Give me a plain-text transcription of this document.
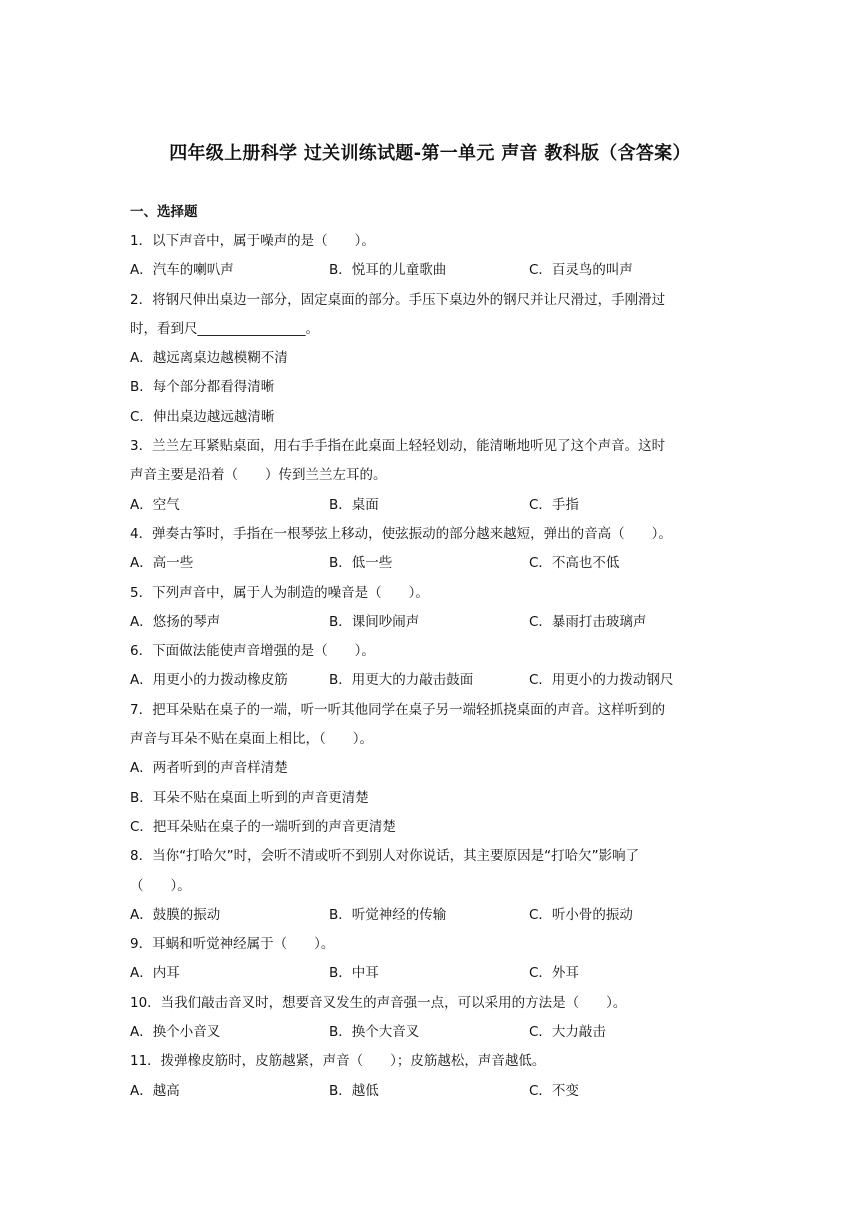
四年级上册科学 过关训练试题-第一单元 声音 教科版（含答案）
一、选择题
1．以下声音中，属于噪声的是（　　）。
A．汽车的喇叭声	B．悦耳的儿童歌曲	C．百灵鸟的叫声
2．将钢尺伸出桌边一部分，固定桌面的部分。手压下桌边外的钢尺并让尺滑过，手刚滑过
时，看到尺________________。
A．越远离桌边越模糊不清
B．每个部分都看得清晰
C．伸出桌边越远越清晰
3．兰兰左耳紧贴桌面，用右手手指在此桌面上轻轻划动，能清晰地听见了这个声音。这时
声音主要是沿着（　　）传到兰兰左耳的。
A．空气	B．桌面	C．手指
4．弹奏古筝时，手指在一根琴弦上移动，使弦振动的部分越来越短，弹出的音高（　　）。
A．高一些	B．低一些	C．不高也不低
5．下列声音中，属于人为制造的噪音是（　　）。
A．悠扬的琴声	B．课间吵闹声	C．暴雨打击玻璃声
6．下面做法能使声音增强的是（　　）。
A．用更小的力拨动橡皮筋	B．用更大的力敲击鼓面	C．用更小的力拨动钢尺
7．把耳朵贴在桌子的一端，听一听其他同学在桌子另一端轻抓挠桌面的声音。这样听到的
声音与耳朵不贴在桌面上相比，（　　）。
A．两者听到的声音样清楚
B．耳朵不贴在桌面上听到的声音更清楚
C．把耳朵贴在桌子的一端听到的声音更清楚
8．当你“打哈欠”时，会听不清或听不到别人对你说话，其主要原因是“打哈欠”影响了
（　　）。
A．鼓膜的振动	B．听觉神经的传输	C．听小骨的振动
9．耳蜗和听觉神经属于（　　）。
A．内耳	B．中耳	C．外耳
10．当我们敲击音叉时，想要音叉发生的声音强一点，可以采用的方法是（　　）。
A．换个小音叉	B．换个大音叉	C．大力敲击
11．拨弹橡皮筋时，皮筋越紧，声音（　　）；皮筋越松，声音越低。
A．越高	B．越低	C．不变
